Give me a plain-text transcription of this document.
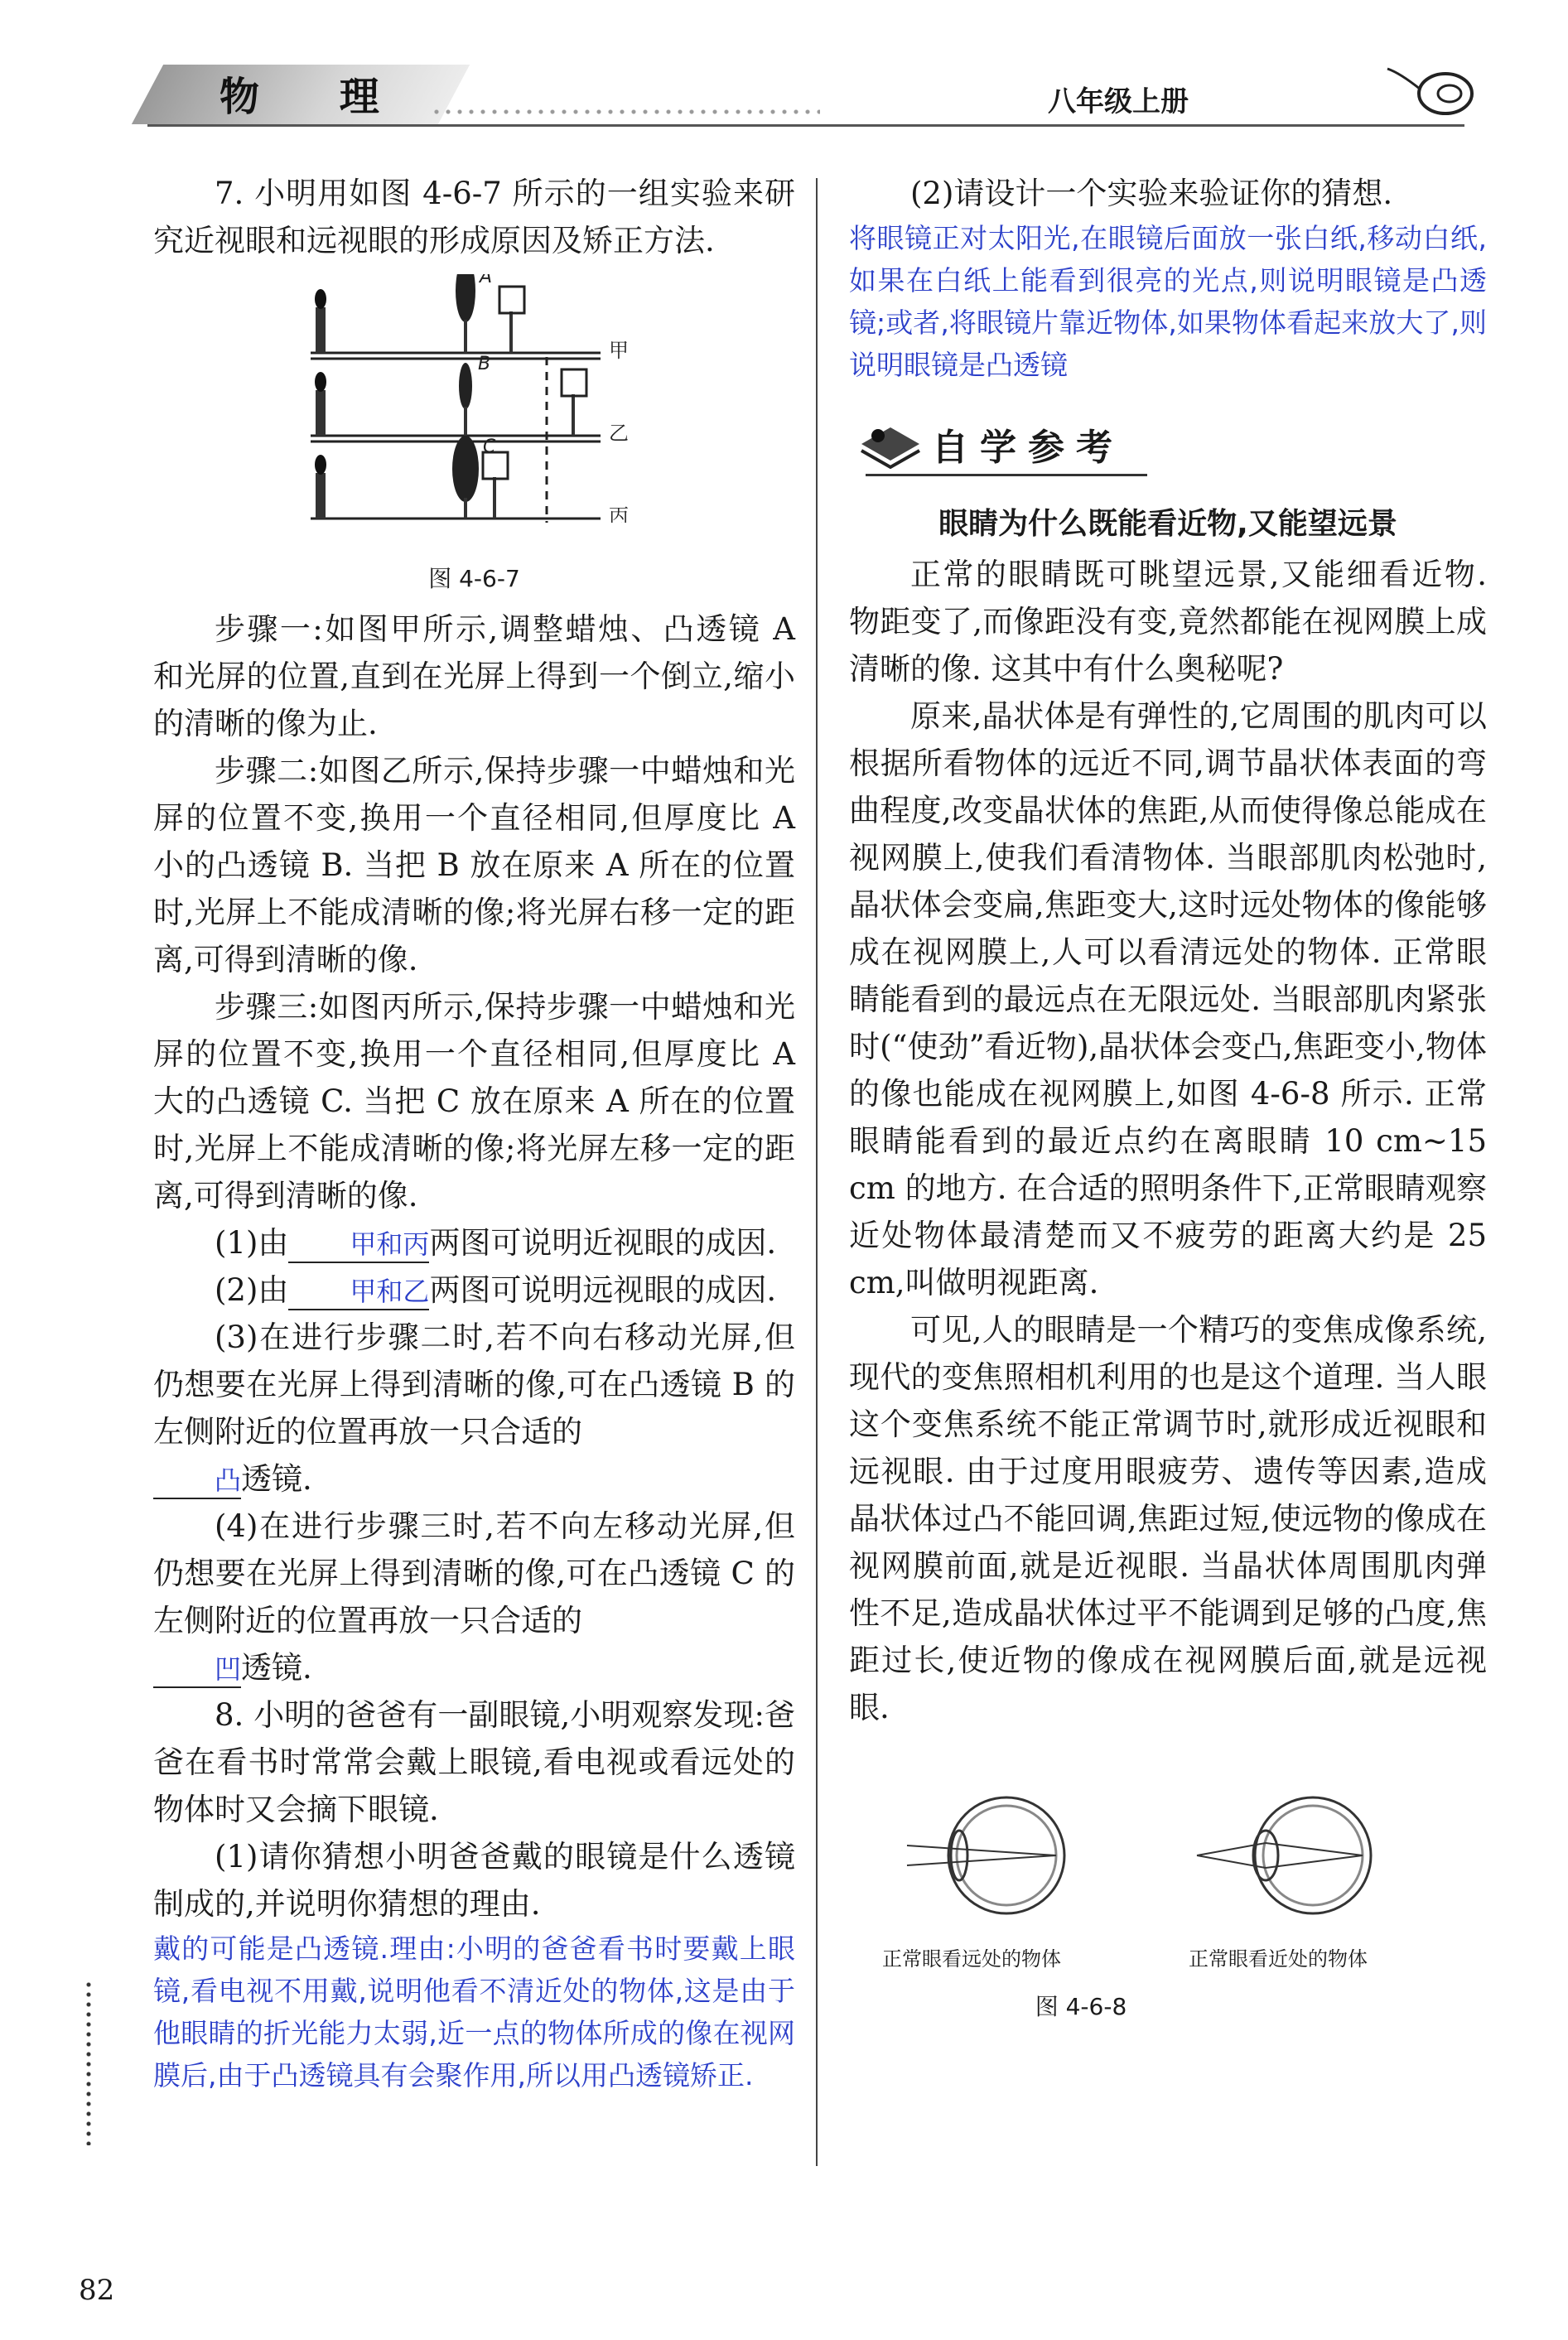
物 理	八年级上册

7. 小明用如图 4-6-7 所示的一组实验来研究近视眼和远视眼的形成原因及矫正方法.

A
B
C
甲
乙
丙
图 4-6-7

步骤一:如图甲所示,调整蜡烛、凸透镜 A 和光屏的位置,直到在光屏上得到一个倒立,缩小的清晰的像为止.

步骤二:如图乙所示,保持步骤一中蜡烛和光屏的位置不变,换用一个直径相同,但厚度比 A 小的凸透镜 B. 当把 B 放在原来 A 所在的位置时,光屏上不能成清晰的像;将光屏右移一定的距离,可得到清晰的像.

步骤三:如图丙所示,保持步骤一中蜡烛和光屏的位置不变,换用一个直径相同,但厚度比 A 大的凸透镜 C. 当把 C 放在原来 A 所在的位置时,光屏上不能成清晰的像;将光屏左移一定的距离,可得到清晰的像.

(1)由 甲和丙两图可说明近视眼的成因.

(2)由 甲和乙两图可说明远视眼的成因.

(3)在进行步骤二时,若不向右移动光屏,但仍想要在光屏上得到清晰的像,可在凸透镜 B 的左侧附近的位置再放一只合适的
凸透镜.

(4)在进行步骤三时,若不向左移动光屏,但仍想要在光屏上得到清晰的像,可在凸透镜 C 的左侧附近的位置再放一只合适的
凹透镜.

8. 小明的爸爸有一副眼镜,小明观察发现:爸爸在看书时常常会戴上眼镜,看电视或看远处的物体时又会摘下眼镜.

(1)请你猜想小明爸爸戴的眼镜是什么透镜制成的,并说明你猜想的理由.

戴的可能是凸透镜.理由:小明的爸爸看书时要戴上眼镜,看电视不用戴,说明他看不清近处的物体,这是由于他眼睛的折光能力太弱,近一点的物体所成的像在视网膜后,由于凸透镜具有会聚作用,所以用凸透镜矫正.

(2)请设计一个实验来验证你的猜想.

将眼镜正对太阳光,在眼镜后面放一张白纸,移动白纸,如果在白纸上能看到很亮的光点,则说明眼镜是凸透镜;或者,将眼镜片靠近物体,如果物体看起来放大了,则说明眼镜是凸透镜

自学参考
眼睛为什么既能看近物,又能望远景

正常的眼睛既可眺望远景,又能细看近物. 物距变了,而像距没有变,竟然都能在视网膜上成清晰的像. 这其中有什么奥秘呢?

原来,晶状体是有弹性的,它周围的肌肉可以根据所看物体的远近不同,调节晶状体表面的弯曲程度,改变晶状体的焦距,从而使得像总能成在视网膜上,使我们看清物体. 当眼部肌肉松弛时,晶状体会变扁,焦距变大,这时远处物体的像能够成在视网膜上,人可以看清远处的物体. 正常眼睛能看到的最远点在无限远处. 当眼部肌肉紧张时(“使劲”看近物),晶状体会变凸,焦距变小,物体的像也能成在视网膜上,如图 4-6-8 所示. 正常眼睛能看到的最近点约在离眼睛 10 cm~15 cm 的地方. 在合适的照明条件下,正常眼睛观察近处物体最清楚而又不疲劳的距离大约是 25 cm,叫做明视距离.

可见,人的眼睛是一个精巧的变焦成像系统,现代的变焦照相机利用的也是这个道理. 当人眼这个变焦系统不能正常调节时,就形成近视眼和远视眼. 由于过度用眼疲劳、遗传等因素,造成晶状体过凸不能回调,焦距过短,使远物的像成在视网膜前面,就是近视眼. 当晶状体周围肌肉弹性不足,造成晶状体过平不能调到足够的凸度,焦距过长,使近物的像成在视网膜后面,就是远视眼.

正常眼看远处的物体	正常眼看近处的物体
图 4-6-8
82
